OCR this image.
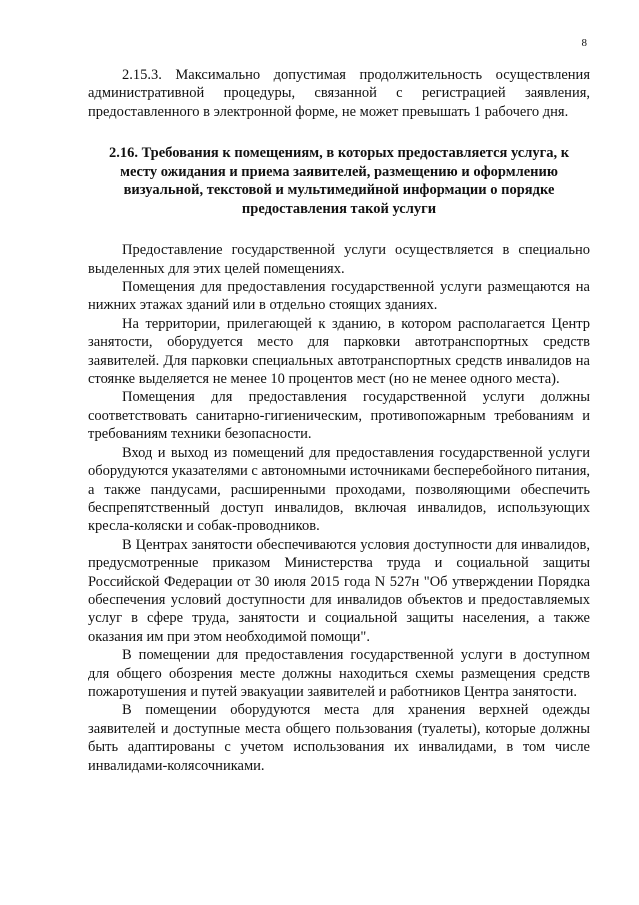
8

2.15.3. Максимально допустимая продолжительность осуществления административной процедуры, связанной с регистрацией заявления, предоставленного в электронной форме, не может превышать 1 рабочего дня.

2.16. Требования к помещениям, в которых предоставляется услуга, к месту ожидания и приема заявителей, размещению и оформлению визуальной, текстовой и мультимедийной информации о порядке предоставления такой услуги

Предоставление государственной услуги осуществляется в специально выделенных для этих целей помещениях.

Помещения для предоставления государственной услуги размещаются на нижних этажах зданий или в отдельно стоящих зданиях.

На территории, прилегающей к зданию, в котором располагается Центр занятости, оборудуется место для парковки автотранспортных средств заявителей. Для парковки специальных автотранспортных средств инвалидов на стоянке выделяется не менее 10 процентов мест (но не менее одного места).

Помещения для предоставления государственной услуги должны соответствовать санитарно-гигиеническим, противопожарным требованиям и требованиям техники безопасности.

Вход и выход из помещений для предоставления государственной услуги оборудуются указателями с автономными источниками бесперебойного питания, а также пандусами, расширенными проходами, позволяющими обеспечить беспрепятственный доступ инвалидов, включая инвалидов, использующих кресла-коляски и собак-проводников.

В Центрах занятости обеспечиваются условия доступности для инвалидов, предусмотренные приказом Министерства труда и социальной защиты Российской Федерации от 30 июля 2015 года N 527н "Об утверждении Порядка обеспечения условий доступности для инвалидов объектов и предоставляемых услуг в сфере труда, занятости и социальной защиты населения, а также оказания им при этом необходимой помощи".

В помещении для предоставления государственной услуги в доступном для общего обозрения месте должны находиться схемы размещения средств пожаротушения и путей эвакуации заявителей и работников Центра занятости.

В помещении оборудуются места для хранения верхней одежды заявителей и доступные места общего пользования (туалеты), которые должны быть адаптированы с учетом использования их инвалидами, в том числе инвалидами-колясочниками.
